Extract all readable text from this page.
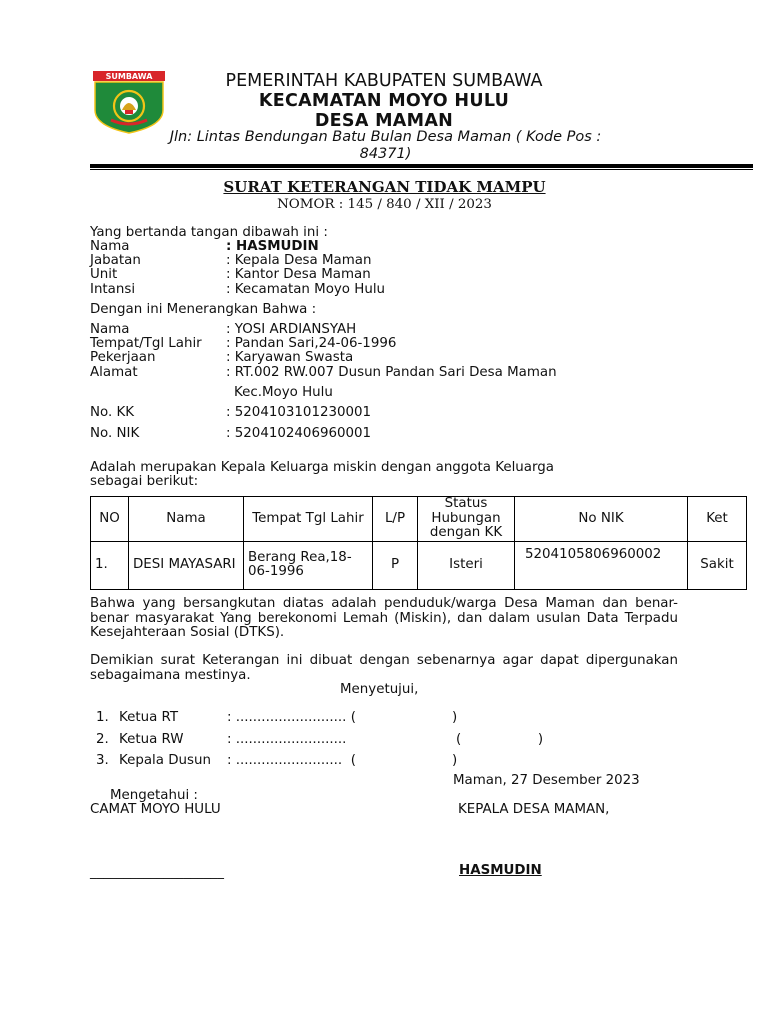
SUMBAWA	PEMERINTAH KABUPATEN SUMBAWA
KECAMATAN MOYO HULU
DESA MAMAN
Jln: Lintas Bendungan Batu Bulan Desa Maman ( Kode Pos :
84371)
SURAT KETERANGAN TIDAK MAMPU
NOMOR : 145 / 840 / XII / 2023
Yang bertanda tangan dibawah ini :
Nama	: HASMUDIN
Jabatan	: Kepala Desa Maman
Unit	: Kantor Desa Maman
Intansi	: Kecamatan Moyo Hulu
Dengan ini Menerangkan Bahwa :
Nama	: YOSI ARDIANSYAH
Tempat/Tgl Lahir : Pandan Sari,24-06-1996
Pekerjaan	: Karyawan Swasta
Alamat	: RT.002 RW.007 Dusun Pandan Sari Desa Maman
Kec.Moyo Hulu
No. KK	: 5204103101230001
No. NIK	: 5204102406960001
Adalah merupakan Kepala Keluarga miskin dengan anggota Keluarga
sebagai berikut:
NO	Nama	Tempat Tgl Lahir	L/P	Status Hubungan dengan KK	No NIK	Ket
1.	DESI MAYASARI	Berang Rea,18-06-1996	P	Isteri	5204105806960002	Sakit
Bahwa yang bersangkutan diatas adalah penduduk/warga Desa Maman dan benar-benar masyarakat Yang berekonomi Lemah (Miskin), dan dalam usulan Data Terpadu Kesejahteraan Sosial (DTKS).
Demikian surat Keterangan ini dibuat dengan sebenarnya agar dapat dipergunakan sebagaimana mestinya.
Menyetujui,
1. Ketua RT	: .......................... (	)
2. Ketua RW	: ..........................	(                  )
3. Kepala Dusun : .........................  (	)
Maman, 27 Desember 2023
Mengetahui :
CAMAT MOYO HULU	KEPALA DESA MAMAN,
____________________	HASMUDIN
